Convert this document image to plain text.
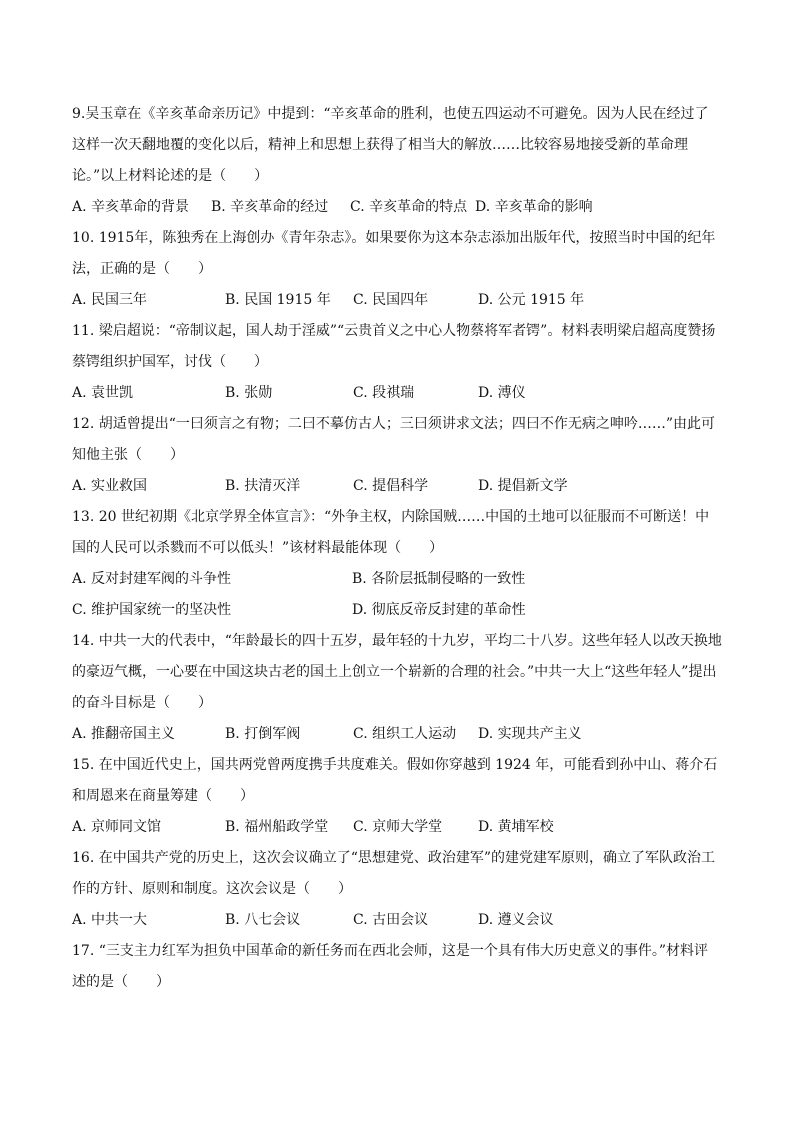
9.吴玉章在《辛亥革命亲历记》中提到：“辛亥革命的胜利，也使五四运动不可避免。因为人民在经过了这样一次天翻地覆的变化以后，精神上和思想上获得了相当大的解放……比较容易地接受新的革命理论。”以上材料论述的是（　　）

A. 辛亥革命的背景	B. 辛亥革命的经过	C. 辛亥革命的特点 D. 辛亥革命的影响

10. 1915年，陈独秀在上海创办《青年杂志》。如果要你为这本杂志添加出版年代，按照当时中国的纪年法，正确的是（　　）

A. 民国三年	B. 民国 1915 年	C. 民国四年	D. 公元 1915 年

11. 梁启超说：“帝制议起，国人劫于淫威”“云贵首义之中心人物蔡将军者锷”。材料表明梁启超高度赞扬蔡锷组织护国军，讨伐（　　）

A. 袁世凯	B. 张勋	C. 段祺瑞	D. 溥仪

12. 胡适曾提出“一曰须言之有物；二曰不摹仿古人；三曰须讲求文法；四曰不作无病之呻吟……”由此可知他主张（　　）

A. 实业救国	B. 扶清灭洋	C. 提倡科学	D. 提倡新文学

13. 20 世纪初期《北京学界全体宣言》：“外争主权，内除国贼……中国的土地可以征服而不可断送！中国的人民可以杀戮而不可以低头！”该材料最能体现（　　）

A. 反对封建军阀的斗争性	B. 各阶层抵制侵略的一致性
C. 维护国家统一的坚决性	D. 彻底反帝反封建的革命性

14. 中共一大的代表中，“年龄最长的四十五岁，最年轻的十九岁，平均二十八岁。这些年轻人以改天换地的豪迈气概，一心要在中国这块古老的国土上创立一个崭新的合理的社会。”中共一大上“这些年轻人”提出的奋斗目标是（　　）

A. 推翻帝国主义	B. 打倒军阀	C. 组织工人运动	D. 实现共产主义

15. 在中国近代史上，国共两党曾两度携手共度难关。假如你穿越到 1924 年，可能看到孙中山、蒋介石和周恩来在商量筹建（　　）

A. 京师同文馆	B. 福州船政学堂	C. 京师大学堂	D. 黄埔军校

16. 在中国共产党的历史上，这次会议确立了“思想建党、政治建军”的建党建军原则，确立了军队政治工作的方针、原则和制度。这次会议是（　　）

A. 中共一大	B. 八七会议	C. 古田会议	D. 遵义会议

17. “三支主力红军为担负中国革命的新任务而在西北会师，这是一个具有伟大历史意义的事件。”材料评述的是（　　）
